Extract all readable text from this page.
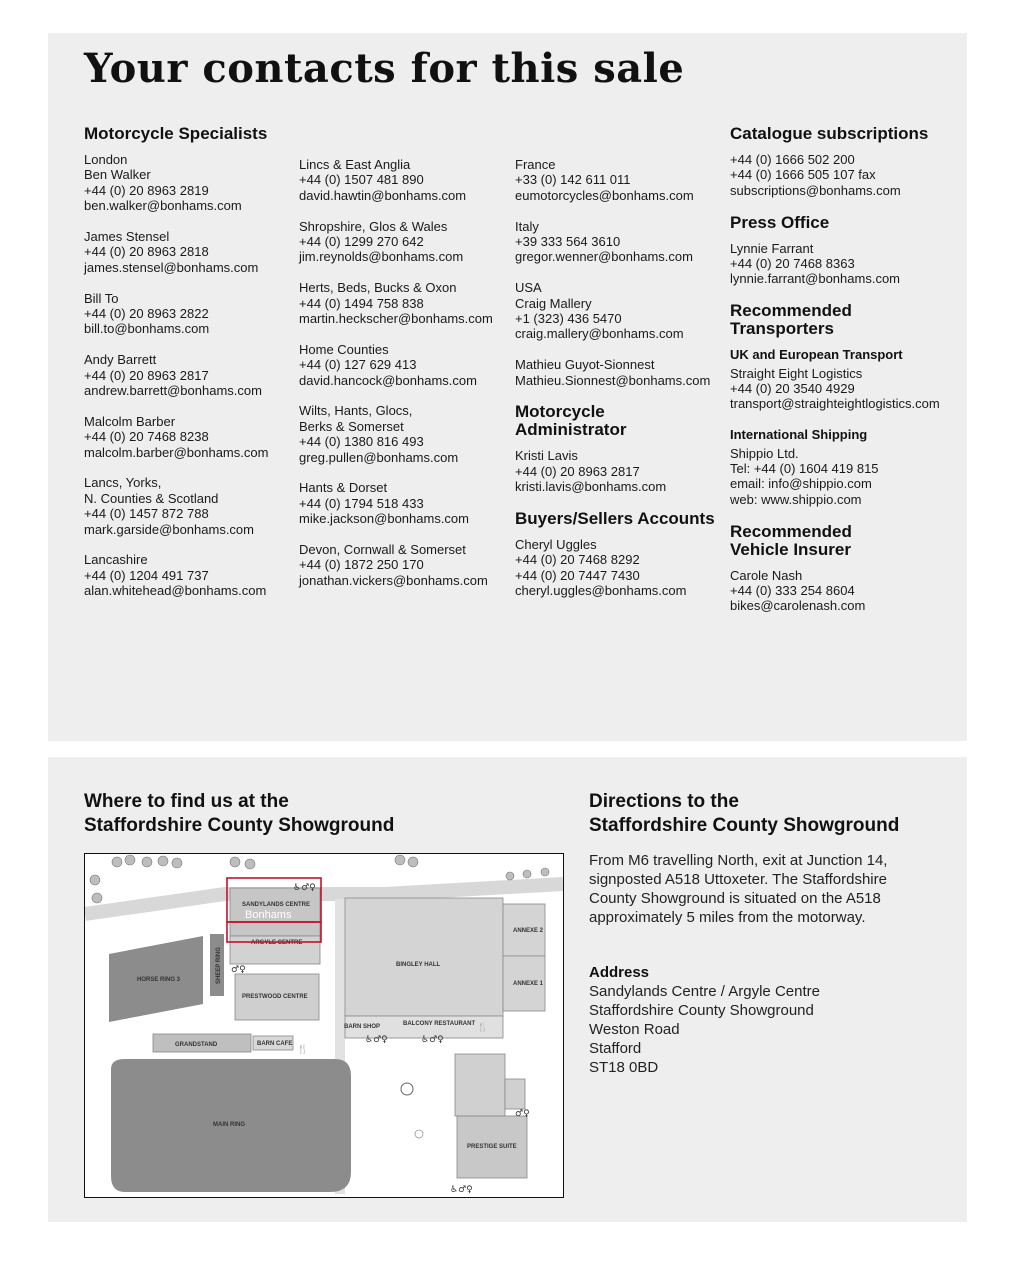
Your contacts for this sale
Motorcycle Specialists
London
Ben Walker
+44 (0) 20 8963 2819
ben.walker@bonhams.com
James Stensel
+44 (0) 20 8963 2818
james.stensel@bonhams.com
Bill To
+44 (0) 20 8963 2822
bill.to@bonhams.com
Andy Barrett
+44 (0) 20 8963 2817
andrew.barrett@bonhams.com
Malcolm Barber
+44 (0) 20 7468 8238
malcolm.barber@bonhams.com
Lancs, Yorks,
N. Counties & Scotland
+44 (0) 1457 872 788
mark.garside@bonhams.com
Lancashire
+44 (0) 1204 491 737
alan.whitehead@bonhams.com
Lincs & East Anglia
+44 (0) 1507 481 890
david.hawtin@bonhams.com
Shropshire, Glos & Wales
+44 (0) 1299 270 642
jim.reynolds@bonhams.com
Herts, Beds, Bucks & Oxon
+44 (0) 1494 758 838
martin.heckscher@bonhams.com
Home Counties
+44 (0) 127 629 413
david.hancock@bonhams.com
Wilts, Hants, Glocs,
Berks & Somerset
+44 (0) 1380 816 493
greg.pullen@bonhams.com
Hants & Dorset
+44 (0) 1794 518 433
mike.jackson@bonhams.com
Devon, Cornwall & Somerset
+44 (0) 1872 250 170
jonathan.vickers@bonhams.com
France
+33 (0) 142 611 011
eumotorcycles@bonhams.com
Italy
+39 333 564 3610
gregor.wenner@bonhams.com
USA
Craig Mallery
+1 (323) 436 5470
craig.mallery@bonhams.com
Mathieu Guyot-Sionnest
Mathieu.Sionnest@bonhams.com
Motorcycle
Administrator
Kristi Lavis
+44 (0) 20 8963 2817
kristi.lavis@bonhams.com
Buyers/Sellers Accounts
Cheryl Uggles
+44 (0) 20 7468 8292
+44 (0) 20 7447 7430
cheryl.uggles@bonhams.com
Catalogue subscriptions
+44 (0) 1666 502 200
+44 (0) 1666 505 107 fax
subscriptions@bonhams.com
Press Office
Lynnie Farrant
+44 (0) 20 7468 8363
lynnie.farrant@bonhams.com
Recommended
Transporters
UK and European Transport
Straight Eight Logistics
+44 (0) 20 3540 4929
transport@straighteightlogistics.com
International Shipping
Shippio Ltd.
Tel: +44 (0) 1604 419 815
email: info@shippio.com
web: www.shippio.com
Recommended
Vehicle Insurer
Carole Nash
+44 (0) 333 254 8604
bikes@carolenash.com
Where to find us at the
Staffordshire County Showground
HORSE RING 3	SHEEP RING
SANDYLANDS CENTRE
Bonhams
ARGYLE CENTRE
PRESTWOOD CENTRE
BINGLEY HALL
ANNEXE 2
ANNEXE 1
BALCONY RESTAURANT
BARN SHOP
GRANDSTAND	BARN CAFE
MAIN RING
PRESTIGE SUITE
♿♂♀
♂♀
🍴
♿♂♀	♿♂♀
🍴
♂♀
♿♂♀
Directions to the
Staffordshire County Showground
From M6 travelling North, exit at Junction 14,
signposted A518 Uttoxeter. The Staffordshire
County Showground is situated on the A518
approximately 5 miles from the motorway.
Address
Sandylands Centre / Argyle Centre
Staffordshire County Showground
Weston Road
Stafford
ST18 0BD
